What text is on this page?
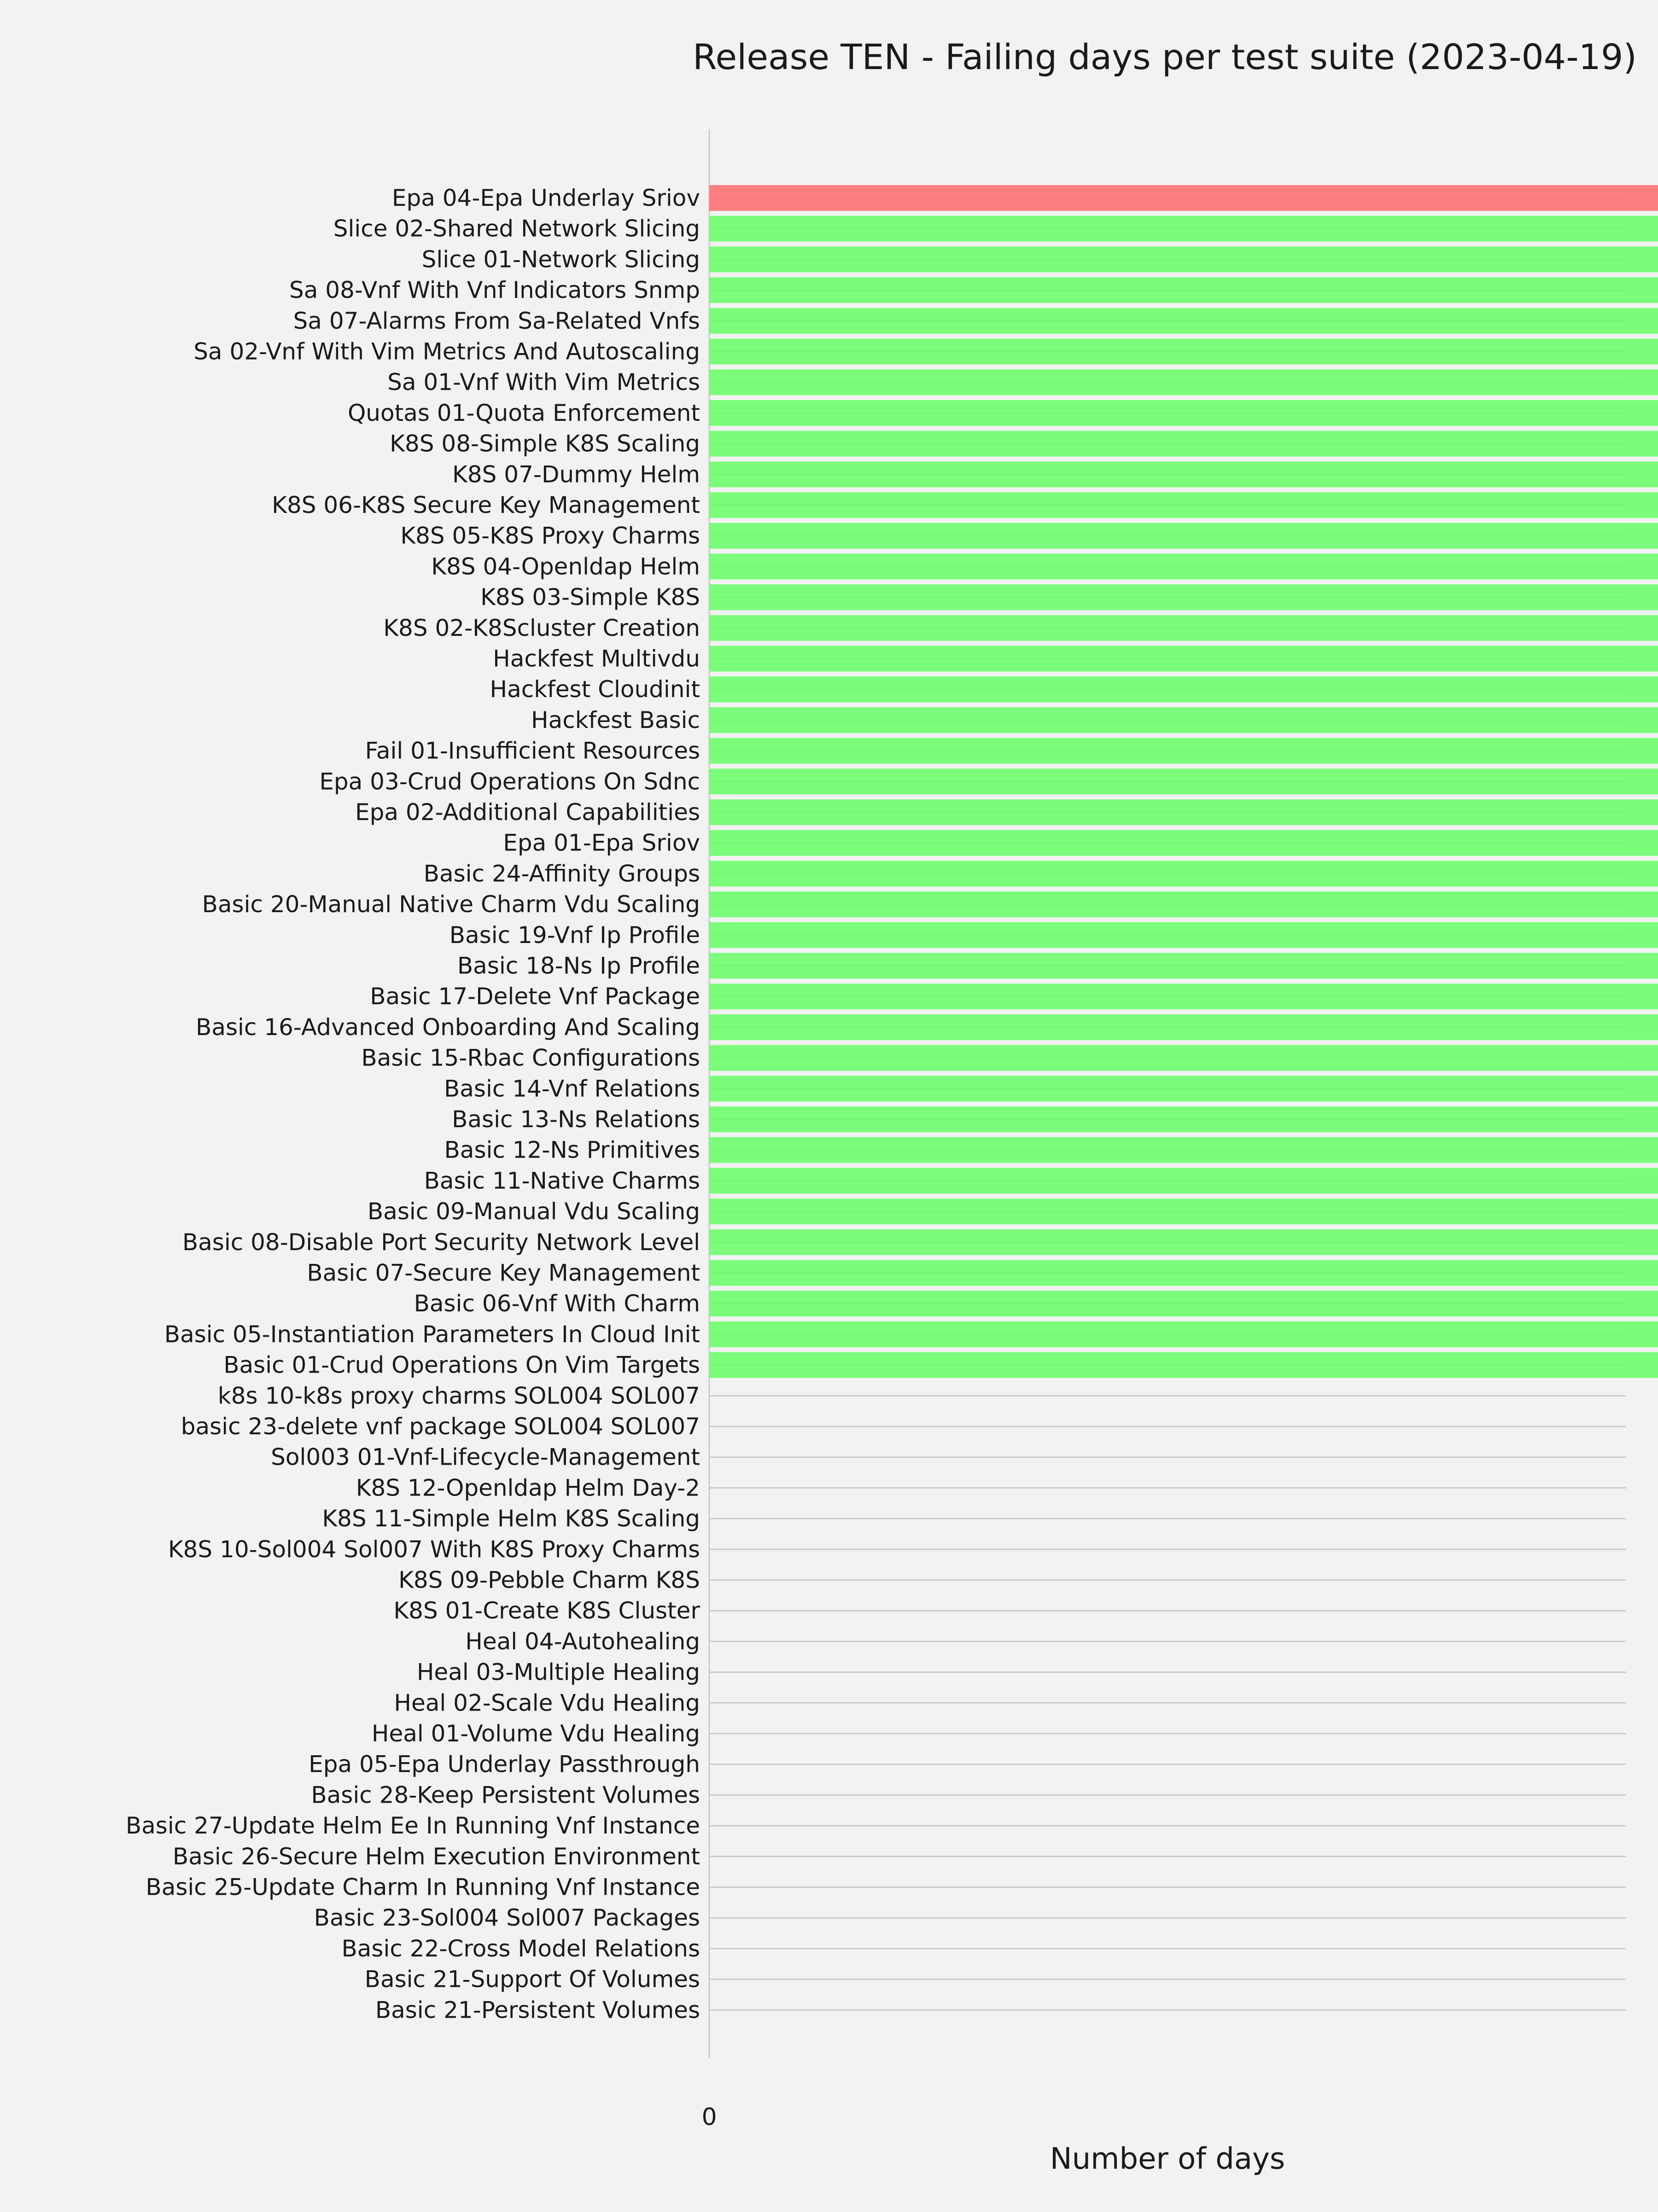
Release TEN - Failing days per test suite (2023-04-19)
Epa 04-Epa Underlay Sriov
Slice 02-Shared Network Slicing
Slice 01-Network Slicing
Sa 08-Vnf With Vnf Indicators Snmp
Sa 07-Alarms From Sa-Related Vnfs
Sa 02-Vnf With Vim Metrics And Autoscaling
Sa 01-Vnf With Vim Metrics
Quotas 01-Quota Enforcement
K8S 08-Simple K8S Scaling
K8S 07-Dummy Helm
K8S 06-K8S Secure Key Management
K8S 05-K8S Proxy Charms
K8S 04-Openldap Helm
K8S 03-Simple K8S
K8S 02-K8Scluster Creation
Hackfest Multivdu
Hackfest Cloudinit
Hackfest Basic
Fail 01-Insufficient Resources
Epa 03-Crud Operations On Sdnc
Epa 02-Additional Capabilities
Epa 01-Epa Sriov
Basic 24-Affinity Groups
Basic 20-Manual Native Charm Vdu Scaling
Basic 19-Vnf Ip Profile
Basic 18-Ns Ip Profile
Basic 17-Delete Vnf Package
Basic 16-Advanced Onboarding And Scaling
Basic 15-Rbac Configurations
Basic 14-Vnf Relations
Basic 13-Ns Relations
Basic 12-Ns Primitives
Basic 11-Native Charms
Basic 09-Manual Vdu Scaling
Basic 08-Disable Port Security Network Level
Basic 07-Secure Key Management
Basic 06-Vnf With Charm
Basic 05-Instantiation Parameters In Cloud Init
Basic 01-Crud Operations On Vim Targets
k8s 10-k8s proxy charms SOL004 SOL007
basic 23-delete vnf package SOL004 SOL007
Sol003 01-Vnf-Lifecycle-Management
K8S 12-Openldap Helm Day-2
K8S 11-Simple Helm K8S Scaling
K8S 10-Sol004 Sol007 With K8S Proxy Charms
K8S 09-Pebble Charm K8S
K8S 01-Create K8S Cluster
Heal 04-Autohealing
Heal 03-Multiple Healing
Heal 02-Scale Vdu Healing
Heal 01-Volume Vdu Healing
Epa 05-Epa Underlay Passthrough
Basic 28-Keep Persistent Volumes
Basic 27-Update Helm Ee In Running Vnf Instance
Basic 26-Secure Helm Execution Environment
Basic 25-Update Charm In Running Vnf Instance
Basic 23-Sol004 Sol007 Packages
Basic 22-Cross Model Relations
Basic 21-Support Of Volumes
Basic 21-Persistent Volumes
0
Number of days
